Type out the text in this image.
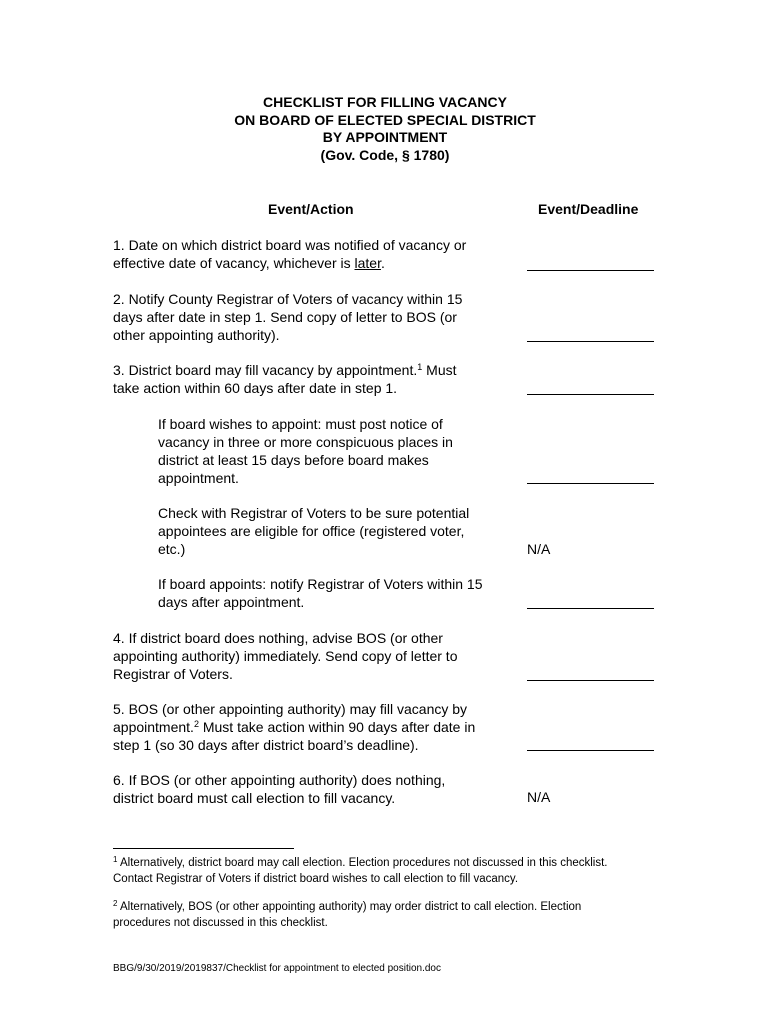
CHECKLIST FOR FILLING VACANCY
ON BOARD OF ELECTED SPECIAL DISTRICT
BY APPOINTMENT
(Gov. Code, § 1780)
Event/Action	Event/Deadline
1. Date on which district board was notified of vacancy or
effective date of vacancy, whichever is later.
2. Notify County Registrar of Voters of vacancy within 15
days after date in step 1. Send copy of letter to BOS (or
other appointing authority).
3. District board may fill vacancy by appointment.$^1$ Must
take action within 60 days after date in step 1.
If board wishes to appoint: must post notice of
vacancy in three or more conspicuous places in
district at least 15 days before board makes
appointment.
Check with Registrar of Voters to be sure potential
appointees are eligible for office (registered voter,
etc.)	N/A
If board appoints: notify Registrar of Voters within 15
days after appointment.
4. If district board does nothing, advise BOS (or other
appointing authority) immediately. Send copy of letter to
Registrar of Voters.
5. BOS (or other appointing authority) may fill vacancy by
appointment.$^2$ Must take action within 90 days after date in
step 1 (so 30 days after district board’s deadline).
6. If BOS (or other appointing authority) does nothing,
district board must call election to fill vacancy.	N/A
$^1$ Alternatively, district board may call election. Election procedures not discussed in this checklist.
Contact Registrar of Voters if district board wishes to call election to fill vacancy.
$^2$ Alternatively, BOS (or other appointing authority) may order district to call election. Election
procedures not discussed in this checklist.
BBG/9/30/2019/2019837/Checklist for appointment to elected position.doc
